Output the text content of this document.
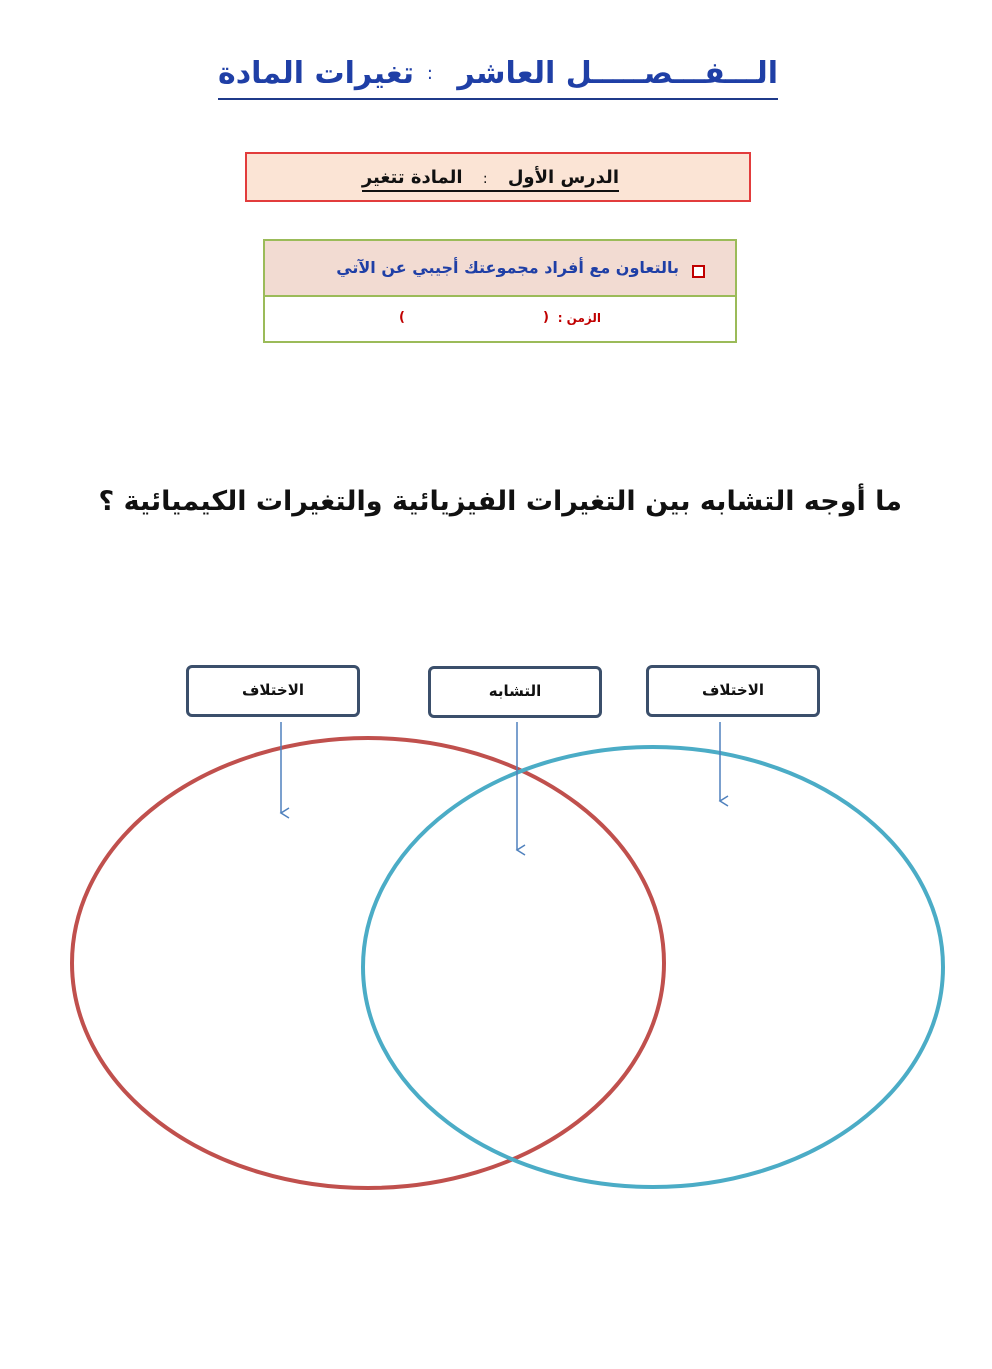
الـــفـــصـــــل العاشر
:
تغيرات المادة
الدرس الأول : المادة تتغير
بالتعاون مع أفراد مجموعتك أجيبي عن الآتي
الزمن :
(
)
ما أوجه التشابه بين التغيرات الفيزيائية والتغيرات الكيميائية ؟
الاختلاف	التشابه	الاختلاف
